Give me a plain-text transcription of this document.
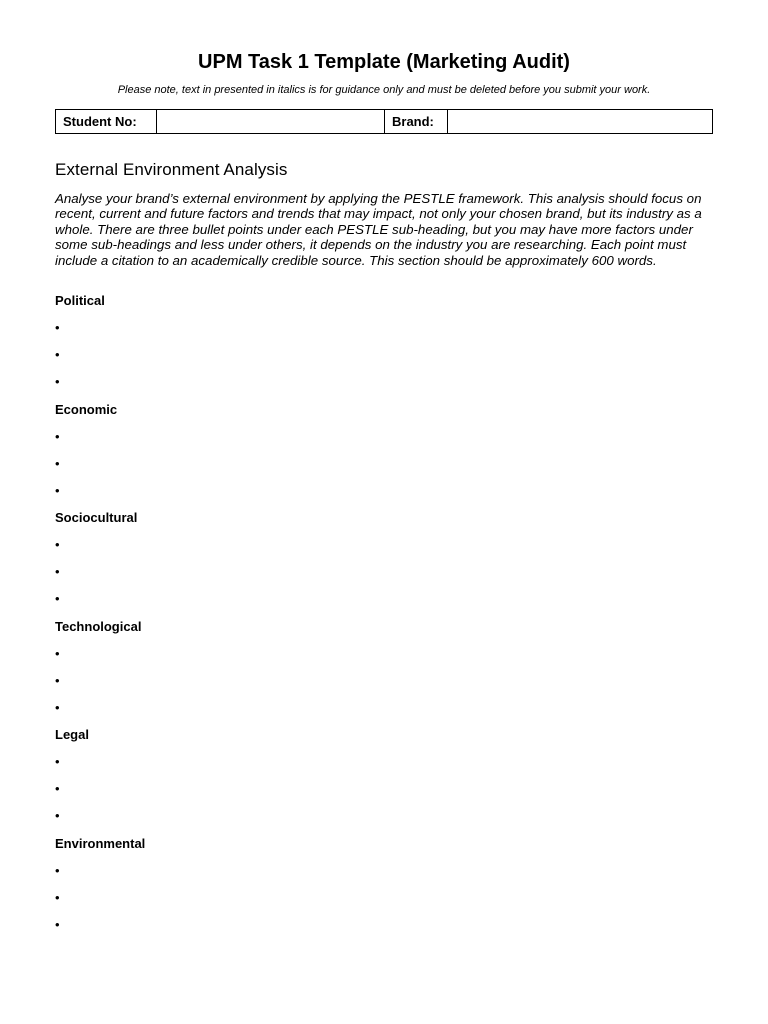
UPM Task 1 Template (Marketing Audit)

Please note, text in presented in italics is for guidance only and must be deleted before you submit your work.

Student No:		Brand:	
External Environment Analysis

Analyse your brand’s external environment by applying the PESTLE framework. This analysis should focus on recent, current and future factors and trends that may impact, not only your chosen brand, but its industry as a whole. There are three bullet points under each PESTLE sub-heading, but you may have more factors under some sub-headings and less under others, it depends on the industry you are researching. Each point must include a citation to an academically credible source. This section should be approximately 600 words.

Political
•
•
•
Economic
•
•
•
Sociocultural
•
•
•
Technological
•
•
•
Legal
•
•
•
Environmental
•
•
•
